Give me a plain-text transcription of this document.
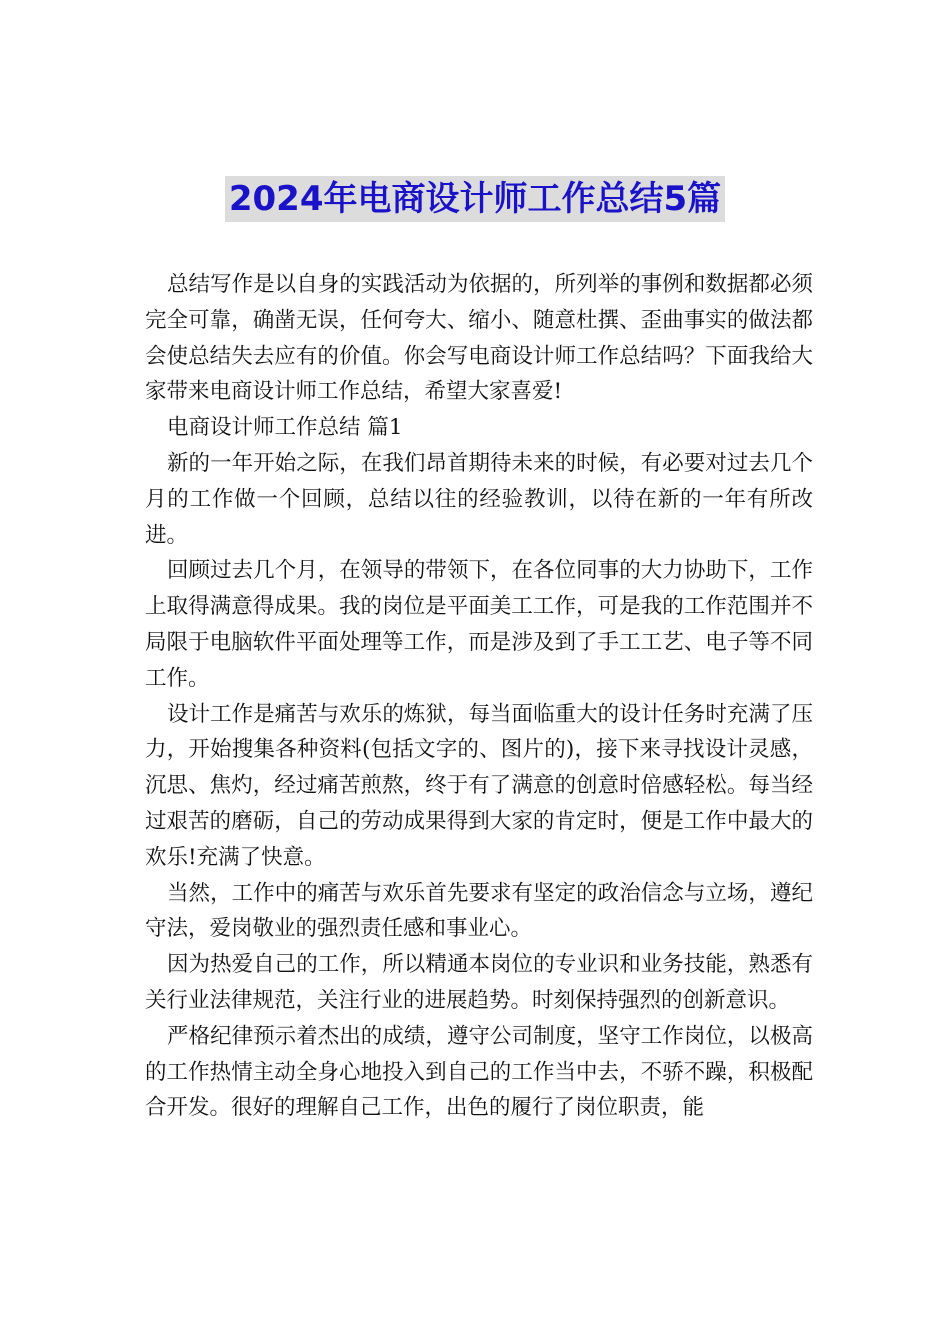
2024年电商设计师工作总结5篇

总结写作是以自身的实践活动为依据的，所列举的事例和数据都必须完全可靠，确凿无误，任何夸大、缩小、随意杜撰、歪曲事实的做法都会使总结失去应有的价值。你会写电商设计师工作总结吗？下面我给大家带来电商设计师工作总结，希望大家喜爱!

电商设计师工作总结 篇1

新的一年开始之际，在我们昂首期待未来的时候，有必要对过去几个月的工作做一个回顾，总结以往的经验教训，以待在新的一年有所改进。

回顾过去几个月，在领导的带领下，在各位同事的大力协助下，工作上取得满意得成果。我的岗位是平面美工工作，可是我的工作范围并不局限于电脑软件平面处理等工作，而是涉及到了手工工艺、电子等不同工作。

设计工作是痛苦与欢乐的炼狱，每当面临重大的设计任务时充满了压力，开始搜集各种资料(包括文字的、图片的)，接下来寻找设计灵感，沉思、焦灼，经过痛苦煎熬，终于有了满意的创意时倍感轻松。每当经过艰苦的磨砺，自己的劳动成果得到大家的肯定时，便是工作中最大的欢乐!充满了快意。

当然，工作中的痛苦与欢乐首先要求有坚定的政治信念与立场，遵纪守法，爱岗敬业的强烈责任感和事业心。

因为热爱自己的工作，所以精通本岗位的专业识和业务技能，熟悉有关行业法律规范，关注行业的进展趋势。时刻保持强烈的创新意识。

严格纪律预示着杰出的成绩，遵守公司制度，坚守工作岗位，以极高的工作热情主动全身心地投入到自己的工作当中去，不骄不躁，积极配合开发。很好的理解自己工作，出色的履行了岗位职责，能
